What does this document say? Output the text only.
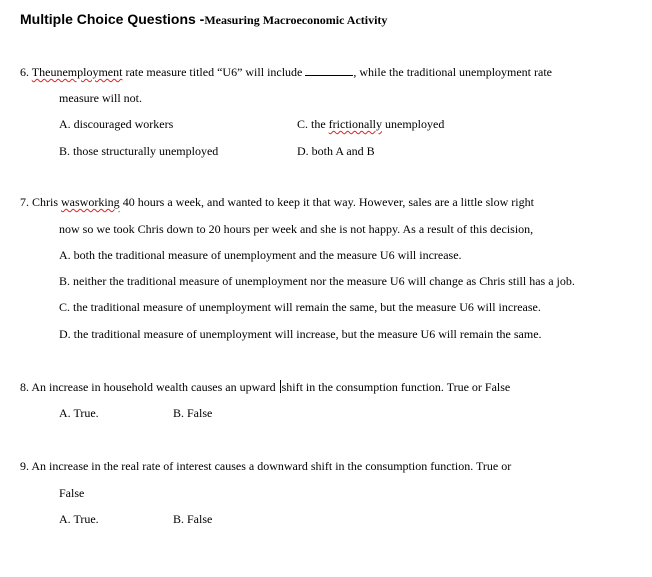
Multiple Choice Questions -Measuring Macroeconomic Activity
6. Theunemployment rate measure titled “U6” will include	, while the traditional unemployment rate
measure will not.
A. discouraged workers	C. the frictionally unemployed
B. those structurally unemployed	D. both A and B
7. Chris wasworking 40 hours a week, and wanted to keep it that way. However, sales are a little slow right
now so we took Chris down to 20 hours per week and she is not happy. As a result of this decision,
A. both the traditional measure of unemployment and the measure U6 will increase.
B. neither the traditional measure of unemployment nor the measure U6 will change as Chris still has a job.
C. the traditional measure of unemployment will remain the same, but the measure U6 will increase.
D. the traditional measure of unemployment will increase, but the measure U6 will remain the same.
8. An increase in household wealth causes an upward shift in the consumption function. True or False
A. True.	B. False
9. An increase in the real rate of interest causes a downward shift in the consumption function. True or
False
A. True.	B. False
